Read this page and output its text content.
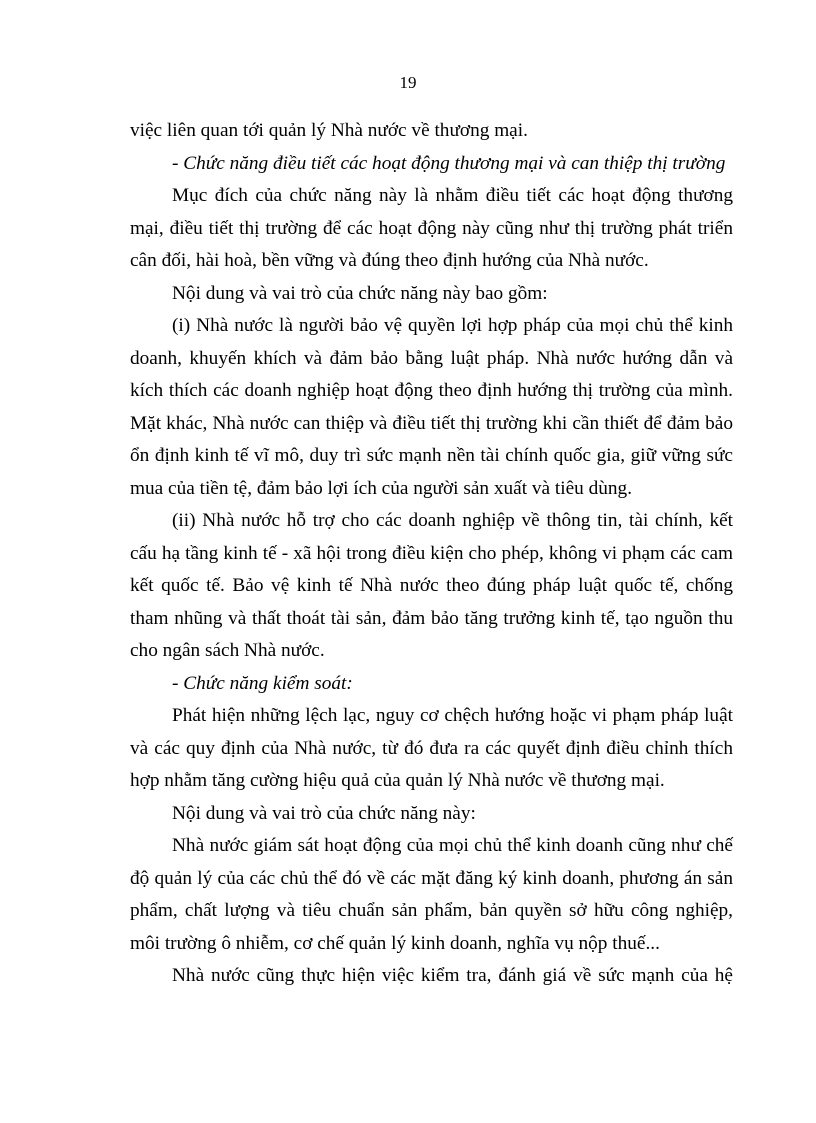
19
việc liên quan tới quản lý Nhà nước về thương mại.
- Chức năng điều tiết các hoạt động thương mại và can thiệp thị trường
Mục đích của chức năng này là nhằm điều tiết các hoạt động thương
mại, điều tiết thị trường để các hoạt động này cũng như thị trường phát triển
cân đối, hài hoà, bền vững và đúng theo định hướng của Nhà nước.
Nội dung và vai trò của chức năng này bao gồm:
(i) Nhà nước là người bảo vệ quyền lợi hợp pháp của mọi chủ thể kinh
doanh, khuyến khích và đảm bảo bằng luật pháp. Nhà nước hướng dẫn và
kích thích các doanh nghiệp hoạt động theo định hướng thị trường của mình.
Mặt khác, Nhà nước can thiệp và điều tiết thị trường khi cần thiết để đảm bảo
ổn định kinh tế vĩ mô, duy trì sức mạnh nền tài chính quốc gia, giữ vững sức
mua của tiền tệ, đảm bảo lợi ích của người sản xuất và tiêu dùng.
(ii) Nhà nước hỗ trợ cho các doanh nghiệp về thông tin, tài chính, kết
cấu hạ tầng kinh tế - xã hội trong điều kiện cho phép, không vi phạm các cam
kết quốc tế. Bảo vệ kinh tế Nhà nước theo đúng pháp luật quốc tế, chống
tham nhũng và thất thoát tài sản, đảm bảo tăng trưởng kinh tế, tạo nguồn thu
cho ngân sách Nhà nước.
- Chức năng kiểm soát:
Phát hiện những lệch lạc, nguy cơ chệch hướng hoặc vi phạm pháp luật
và các quy định của Nhà nước, từ đó đưa ra các quyết định điều chỉnh thích
hợp nhằm tăng cường hiệu quả của quản lý Nhà nước về thương mại.
Nội dung và vai trò của chức năng này:
Nhà nước giám sát hoạt động của mọi chủ thể kinh doanh cũng như chế
độ quản lý của các chủ thể đó về các mặt đăng ký kinh doanh, phương án sản
phẩm, chất lượng và tiêu chuẩn sản phẩm, bản quyền sở hữu công nghiệp,
môi trường ô nhiễm, cơ chế quản lý kinh doanh, nghĩa vụ nộp thuế...
Nhà nước cũng thực hiện việc kiểm tra, đánh giá về sức mạnh của hệ
